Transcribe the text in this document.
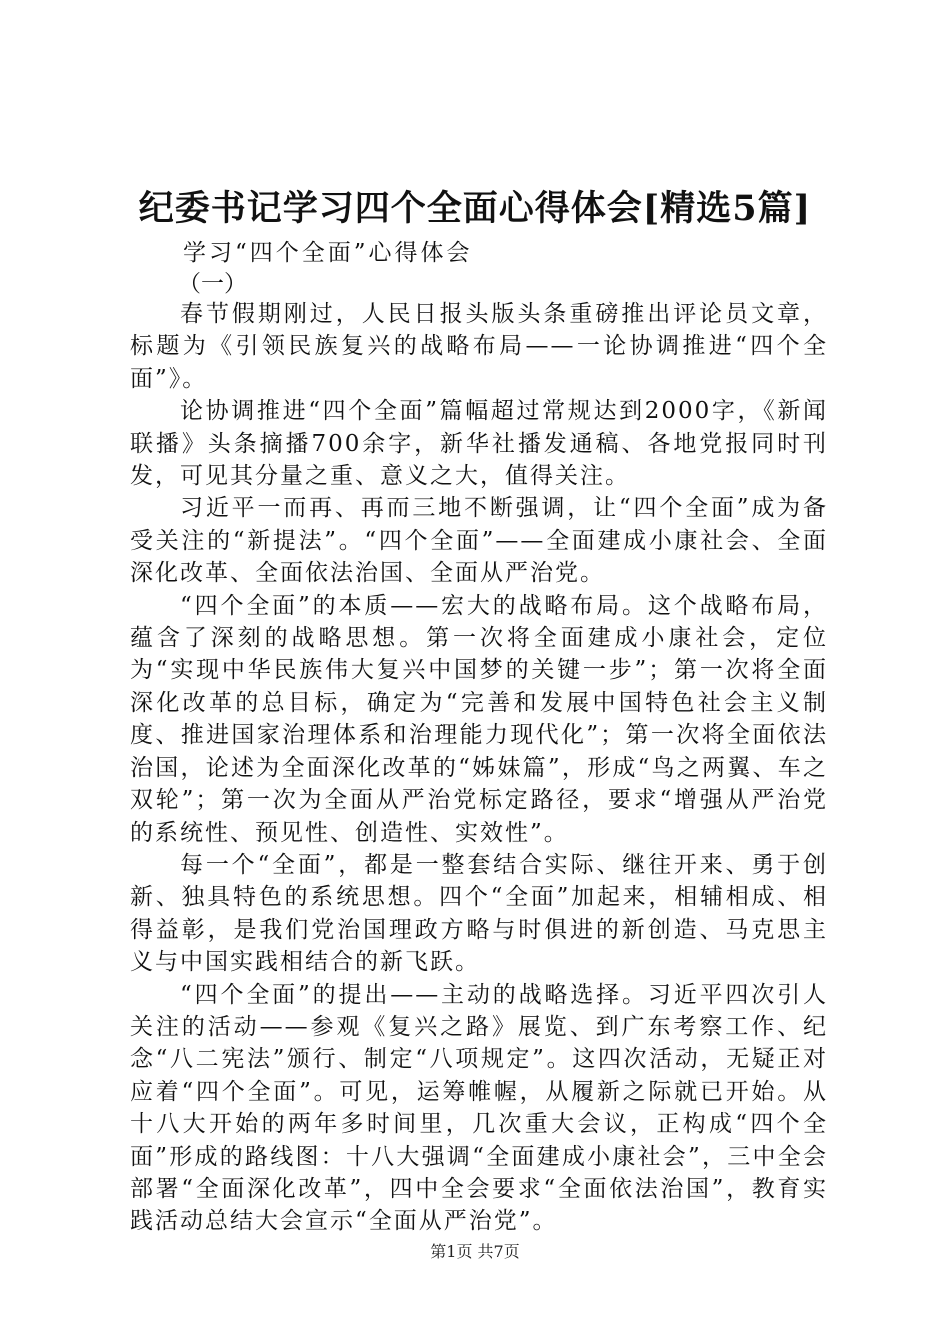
纪委书记学习四个全面心得体会[精选5篇]
学习“四个全面”心得体会
（一）

春节假期刚过，人民日报头版头条重磅推出评论员文章，标题为《引领民族复兴的战略布局——一论协调推进“四个全面”》。

论协调推进“四个全面”篇幅超过常规达到2000字，《新闻联播》头条摘播700余字，新华社播发通稿、各地党报同时刊发，可见其分量之重、意义之大，值得关注。

习近平一而再、再而三地不断强调，让“四个全面”成为备受关注的“新提法”。“四个全面”——全面建成小康社会、全面深化改革、全面依法治国、全面从严治党。

“四个全面”的本质——宏大的战略布局。这个战略布局，蕴含了深刻的战略思想。第一次将全面建成小康社会，定位为“实现中华民族伟大复兴中国梦的关键一步”；第一次将全面深化改革的总目标，确定为“完善和发展中国特色社会主义制度、推进国家治理体系和治理能力现代化”；第一次将全面依法治国，论述为全面深化改革的“姊妹篇”，形成“鸟之两翼、车之双轮”；第一次为全面从严治党标定路径，要求“增强从严治党的系统性、预见性、创造性、实效性”。

每一个“全面”，都是一整套结合实际、继往开来、勇于创新、独具特色的系统思想。四个“全面”加起来，相辅相成、相得益彰，是我们党治国理政方略与时俱进的新创造、马克思主义与中国实践相结合的新飞跃。

“四个全面”的提出——主动的战略选择。习近平四次引人关注的活动——参观《复兴之路》展览、到广东考察工作、纪念“八二宪法”颁行、制定“八项规定”。这四次活动，无疑正对应着“四个全面”。可见，运筹帷幄，从履新之际就已开始。从十八大开始的两年多时间里，几次重大会议，正构成“四个全面”形成的路线图：十八大强调“全面建成小康社会”，三中全会部署“全面深化改革”，四中全会要求“全面依法治国”，教育实践活动总结大会宣示“全面从严治党”。

第1页 共7页
